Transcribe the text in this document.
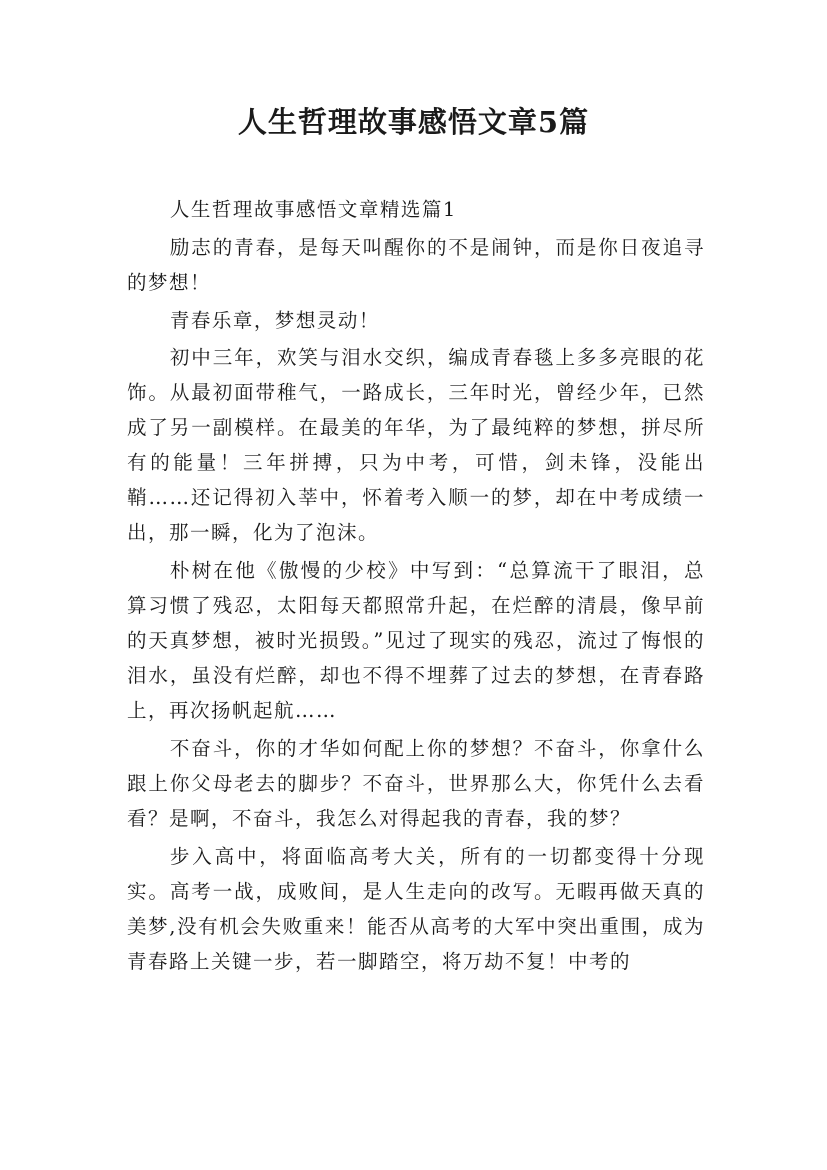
人生哲理故事感悟文章5篇

人生哲理故事感悟文章精选篇1

励志的青春，是每天叫醒你的不是闹钟，而是你日夜追寻的梦想！

青春乐章，梦想灵动！

初中三年，欢笑与泪水交织，编成青春毯上多多亮眼的花饰。从最初面带稚气，一路成长，三年时光，曾经少年，已然成了另一副模样。在最美的年华，为了最纯粹的梦想，拼尽所有的能量！三年拼搏，只为中考，可惜，剑未锋，没能出鞘……还记得初入莘中，怀着考入顺一的梦，却在中考成绩一出，那一瞬，化为了泡沫。

朴树在他《傲慢的少校》中写到：“总算流干了眼泪，总算习惯了残忍，太阳每天都照常升起，在烂醉的清晨，像早前的天真梦想，被时光损毁。”见过了现实的残忍，流过了悔恨的泪水，虽没有烂醉，却也不得不埋葬了过去的梦想，在青春路上，再次扬帆起航……

不奋斗，你的才华如何配上你的梦想？不奋斗，你拿什么跟上你父母老去的脚步？不奋斗，世界那么大，你凭什么去看看？是啊，不奋斗，我怎么对得起我的青春，我的梦？

步入高中，将面临高考大关，所有的一切都变得十分现实。高考一战，成败间，是人生走向的改写。无暇再做天真的美梦,没有机会失败重来！能否从高考的大军中突出重围，成为青春路上关键一步，若一脚踏空，将万劫不复！中考的
